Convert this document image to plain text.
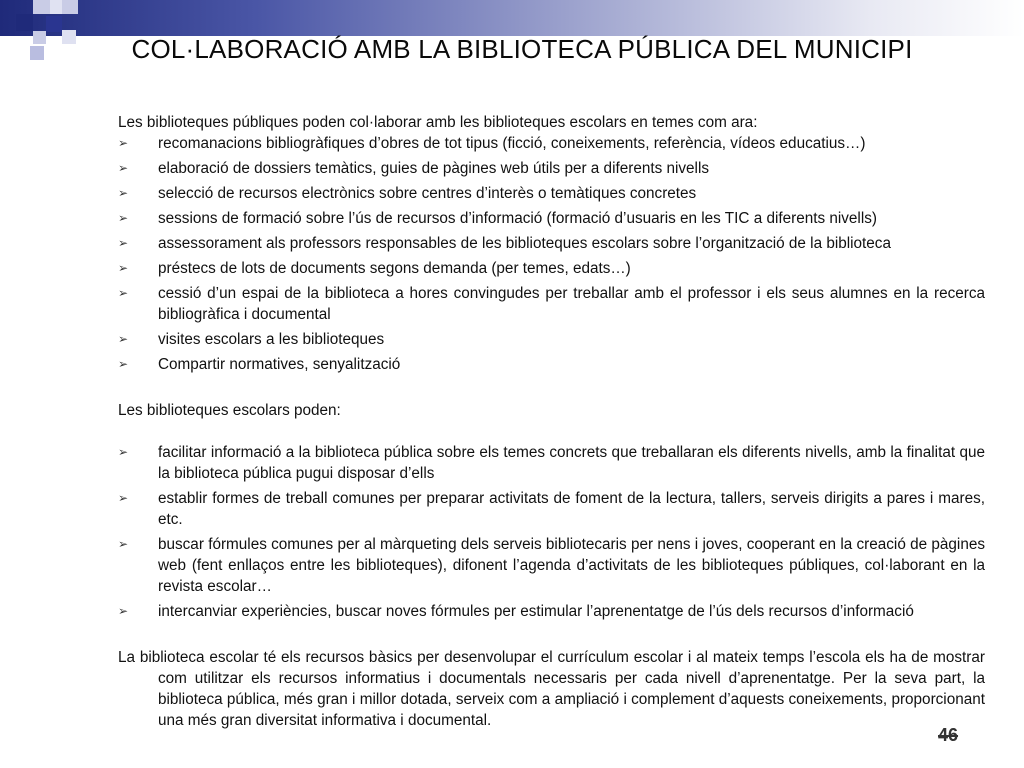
COL·LABORACIÓ AMB LA BIBLIOTECA PÚBLICA DEL MUNICIPI

Les biblioteques públiques poden col·laborar amb les biblioteques escolars en temes com ara:

➢	recomanacions bibliogràfiques d’obres de tot tipus (ficció, coneixements, referència, vídeos educatius…)
➢	elaboració de dossiers temàtics, guies de pàgines web útils per a diferents nivells
➢	selecció de recursos electrònics sobre centres d’interès o temàtiques concretes
➢	sessions de formació sobre l’ús de recursos d’informació (formació d’usuaris en les TIC a diferents nivells)
➢	assessorament als professors responsables de les biblioteques escolars sobre l’organització de la biblioteca
➢	préstecs de lots de documents segons demanda (per temes, edats…)
➢	cessió d’un espai de la biblioteca a hores convingudes per treballar amb el professor i els seus alumnes en la recerca bibliogràfica i documental
➢	visites escolars a les biblioteques
➢	Compartir normatives, senyalització

Les biblioteques escolars poden:

➢	facilitar informació a la biblioteca pública sobre els temes concrets que treballaran els diferents nivells, amb la finalitat que la biblioteca pública pugui disposar d’ells
➢	establir formes de treball comunes per preparar activitats de foment de la lectura, tallers, serveis dirigits a pares i mares, etc.
➢	buscar fórmules comunes per al màrqueting dels serveis bibliotecaris per nens i joves, cooperant en la creació de pàgines web (fent enllaços entre les biblioteques), difonent l’agenda d’activitats de les biblioteques públiques, col·laborant en la revista escolar…
➢	intercanviar experiències, buscar noves fórmules per estimular l’aprenentatge de l’ús dels recursos d’informació

La biblioteca escolar té els recursos bàsics per desenvolupar el currículum escolar i al mateix temps l’escola els ha de mostrar com utilitzar els recursos informatius i documentals necessaris per cada nivell d’aprenentatge. Per la seva part, la biblioteca pública, més gran i millor dotada, serveix com a ampliació i complement d’aquests coneixements, proporcionant una més gran diversitat informativa i documental.

46
